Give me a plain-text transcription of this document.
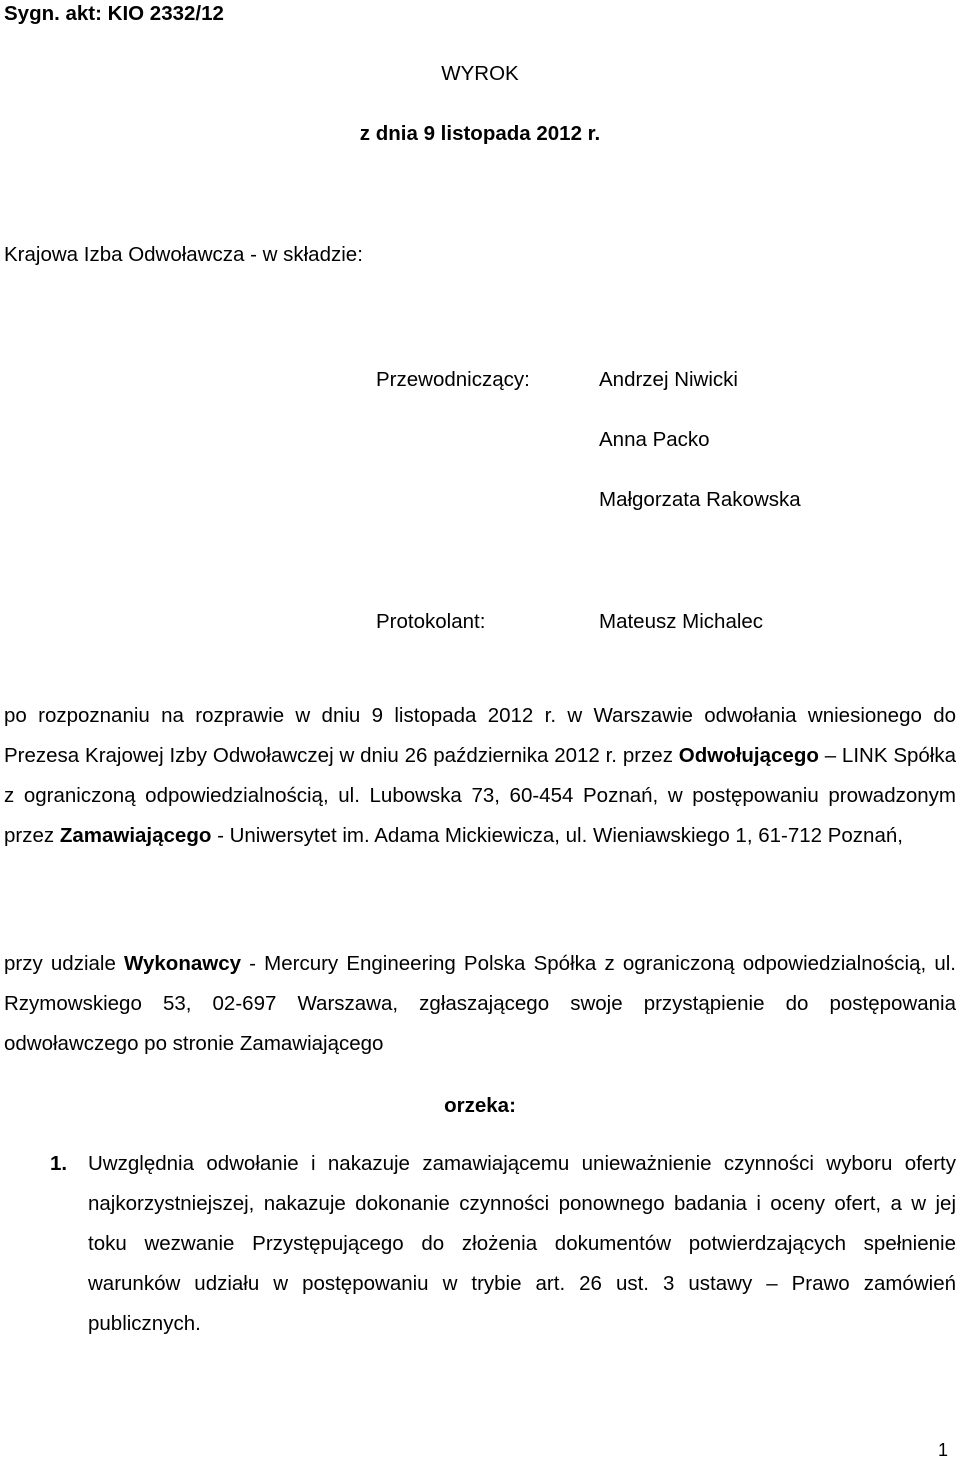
Sygn. akt: KIO 2332/12
WYROK
z dnia 9 listopada 2012 r.
Krajowa Izba Odwoławcza - w składzie:
Przewodniczący:	Andrzej Niwicki
Anna Packo
Małgorzata Rakowska
Protokolant:	Mateusz Michalec
po rozpoznaniu na rozprawie w dniu 9 listopada 2012 r. w Warszawie odwołania wniesionego do Prezesa Krajowej Izby Odwoławczej w dniu 26 października 2012 r. przez Odwołującego – LINK Spółka z ograniczoną odpowiedzialnością, ul. Lubowska 73, 60-454 Poznań, w postępowaniu prowadzonym przez Zamawiającego - Uniwersytet im. Adama Mickiewicza, ul. Wieniawskiego 1, 61-712 Poznań,
przy udziale Wykonawcy - Mercury Engineering Polska Spółka z ograniczoną odpowiedzialnością, ul. Rzymowskiego 53, 02-697 Warszawa, zgłaszającego swoje przystąpienie do postępowania odwoławczego po stronie Zamawiającego
orzeka:
1. Uwzględnia odwołanie i nakazuje zamawiającemu unieważnienie czynności wyboru oferty najkorzystniejszej, nakazuje dokonanie czynności ponownego badania i oceny ofert, a w jej toku wezwanie Przystępującego do złożenia dokumentów potwierdzających spełnienie warunków udziału w postępowaniu w trybie art. 26 ust. 3 ustawy – Prawo zamówień publicznych.
1
